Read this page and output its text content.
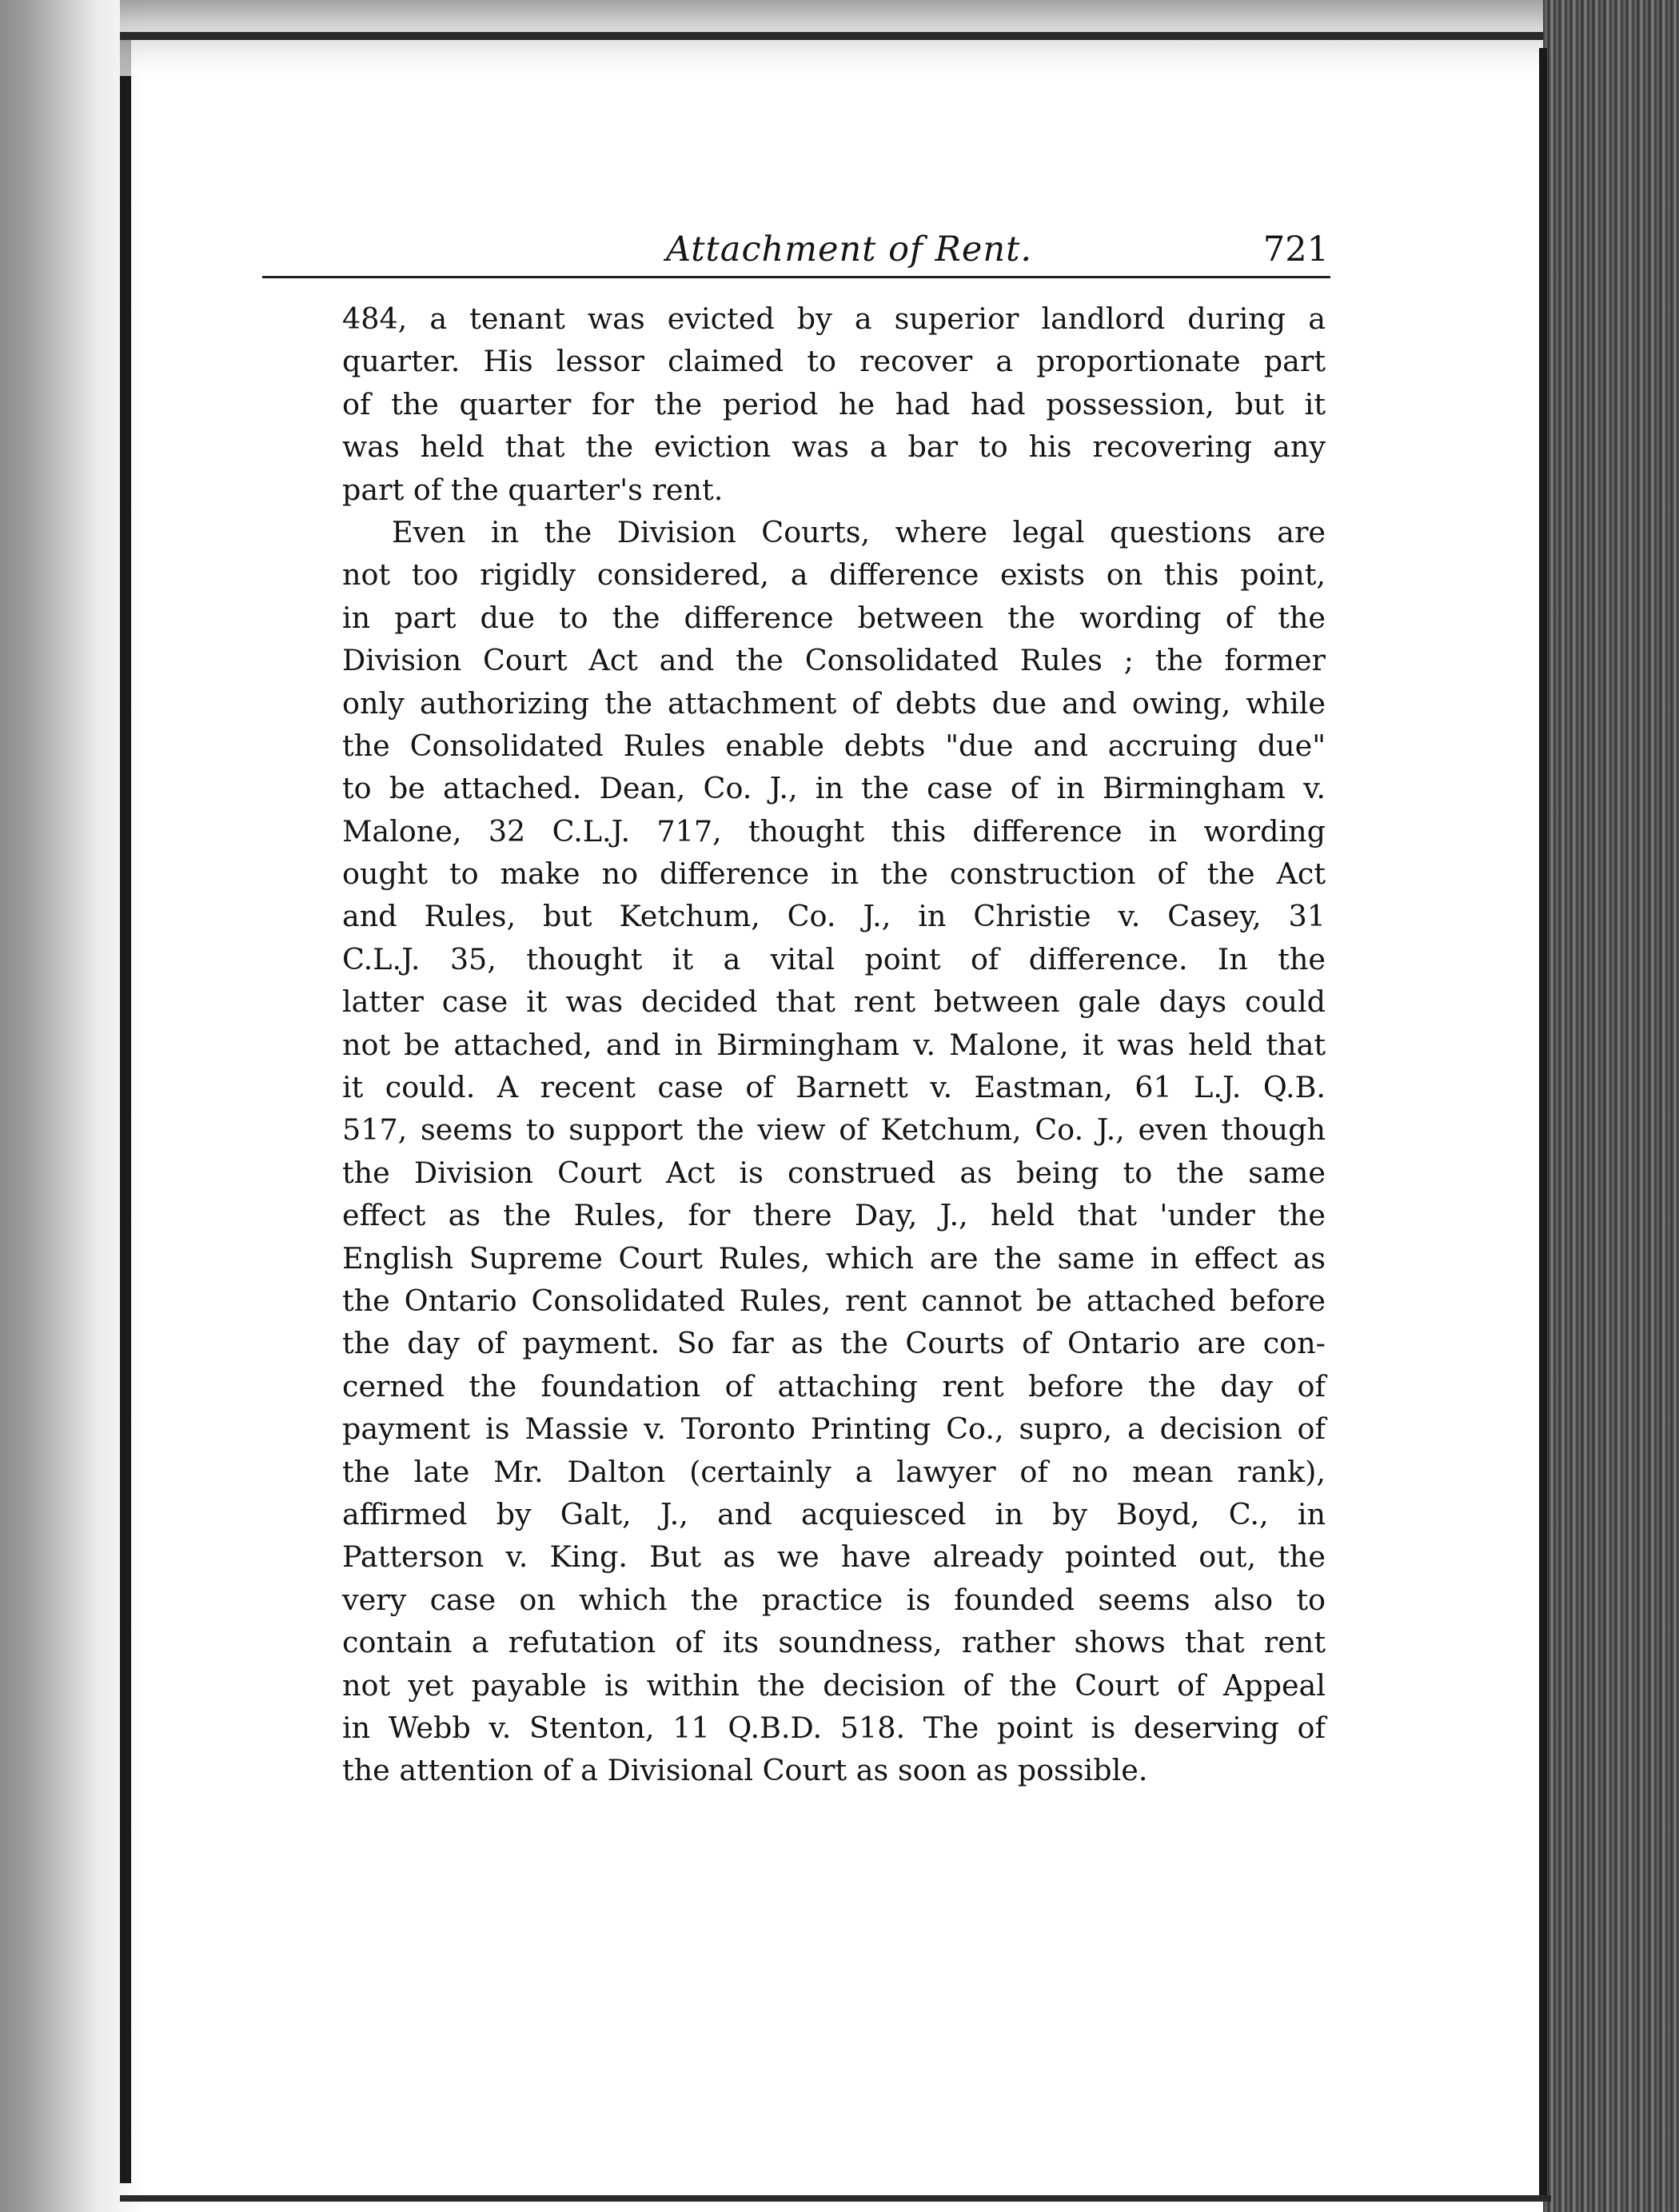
Attachment of Rent.	721
484, a tenant was evicted by a superior landlord during a
quarter. His lessor claimed to recover a proportionate part
of the quarter for the period he had had possession, but it
was held that the eviction was a bar to his recovering any
part of the quarter's rent.
Even in the Division Courts, where legal questions are
not too rigidly considered, a difference exists on this point,
in part due to the difference between the wording of the
Division Court Act and the Consolidated Rules ; the former
only authorizing the attachment of debts due and owing, while
the Consolidated Rules enable debts "due and accruing due"
to be attached. Dean, Co. J., in the case of in Birmingham v.
Malone, 32 C.L.J. 717, thought this difference in wording
ought to make no difference in the construction of the Act
and Rules, but Ketchum, Co. J., in Christie v. Casey, 31
C.L.J. 35, thought it a vital point of difference. In the
latter case it was decided that rent between gale days could
not be attached, and in Birmingham v. Malone, it was held that
it could. A recent case of Barnett v. Eastman, 61 L.J. Q.B.
517, seems to support the view of Ketchum, Co. J., even though
the Division Court Act is construed as being to the same
effect as the Rules, for there Day, J., held that 'under the
English Supreme Court Rules, which are the same in effect as
the Ontario Consolidated Rules, rent cannot be attached before
the day of payment. So far as the Courts of Ontario are con-
cerned the foundation of attaching rent before the day of
payment is Massie v. Toronto Printing Co., supro, a decision of
the late Mr. Dalton (certainly a lawyer of no mean rank),
affirmed by Galt, J., and acquiesced in by Boyd, C., in
Patterson v. King. But as we have already pointed out, the
very case on which the practice is founded seems also to
contain a refutation of its soundness, rather shows that rent
not yet payable is within the decision of the Court of Appeal
in Webb v. Stenton, 11 Q.B.D. 518. The point is deserving of
the attention of a Divisional Court as soon as possible.
